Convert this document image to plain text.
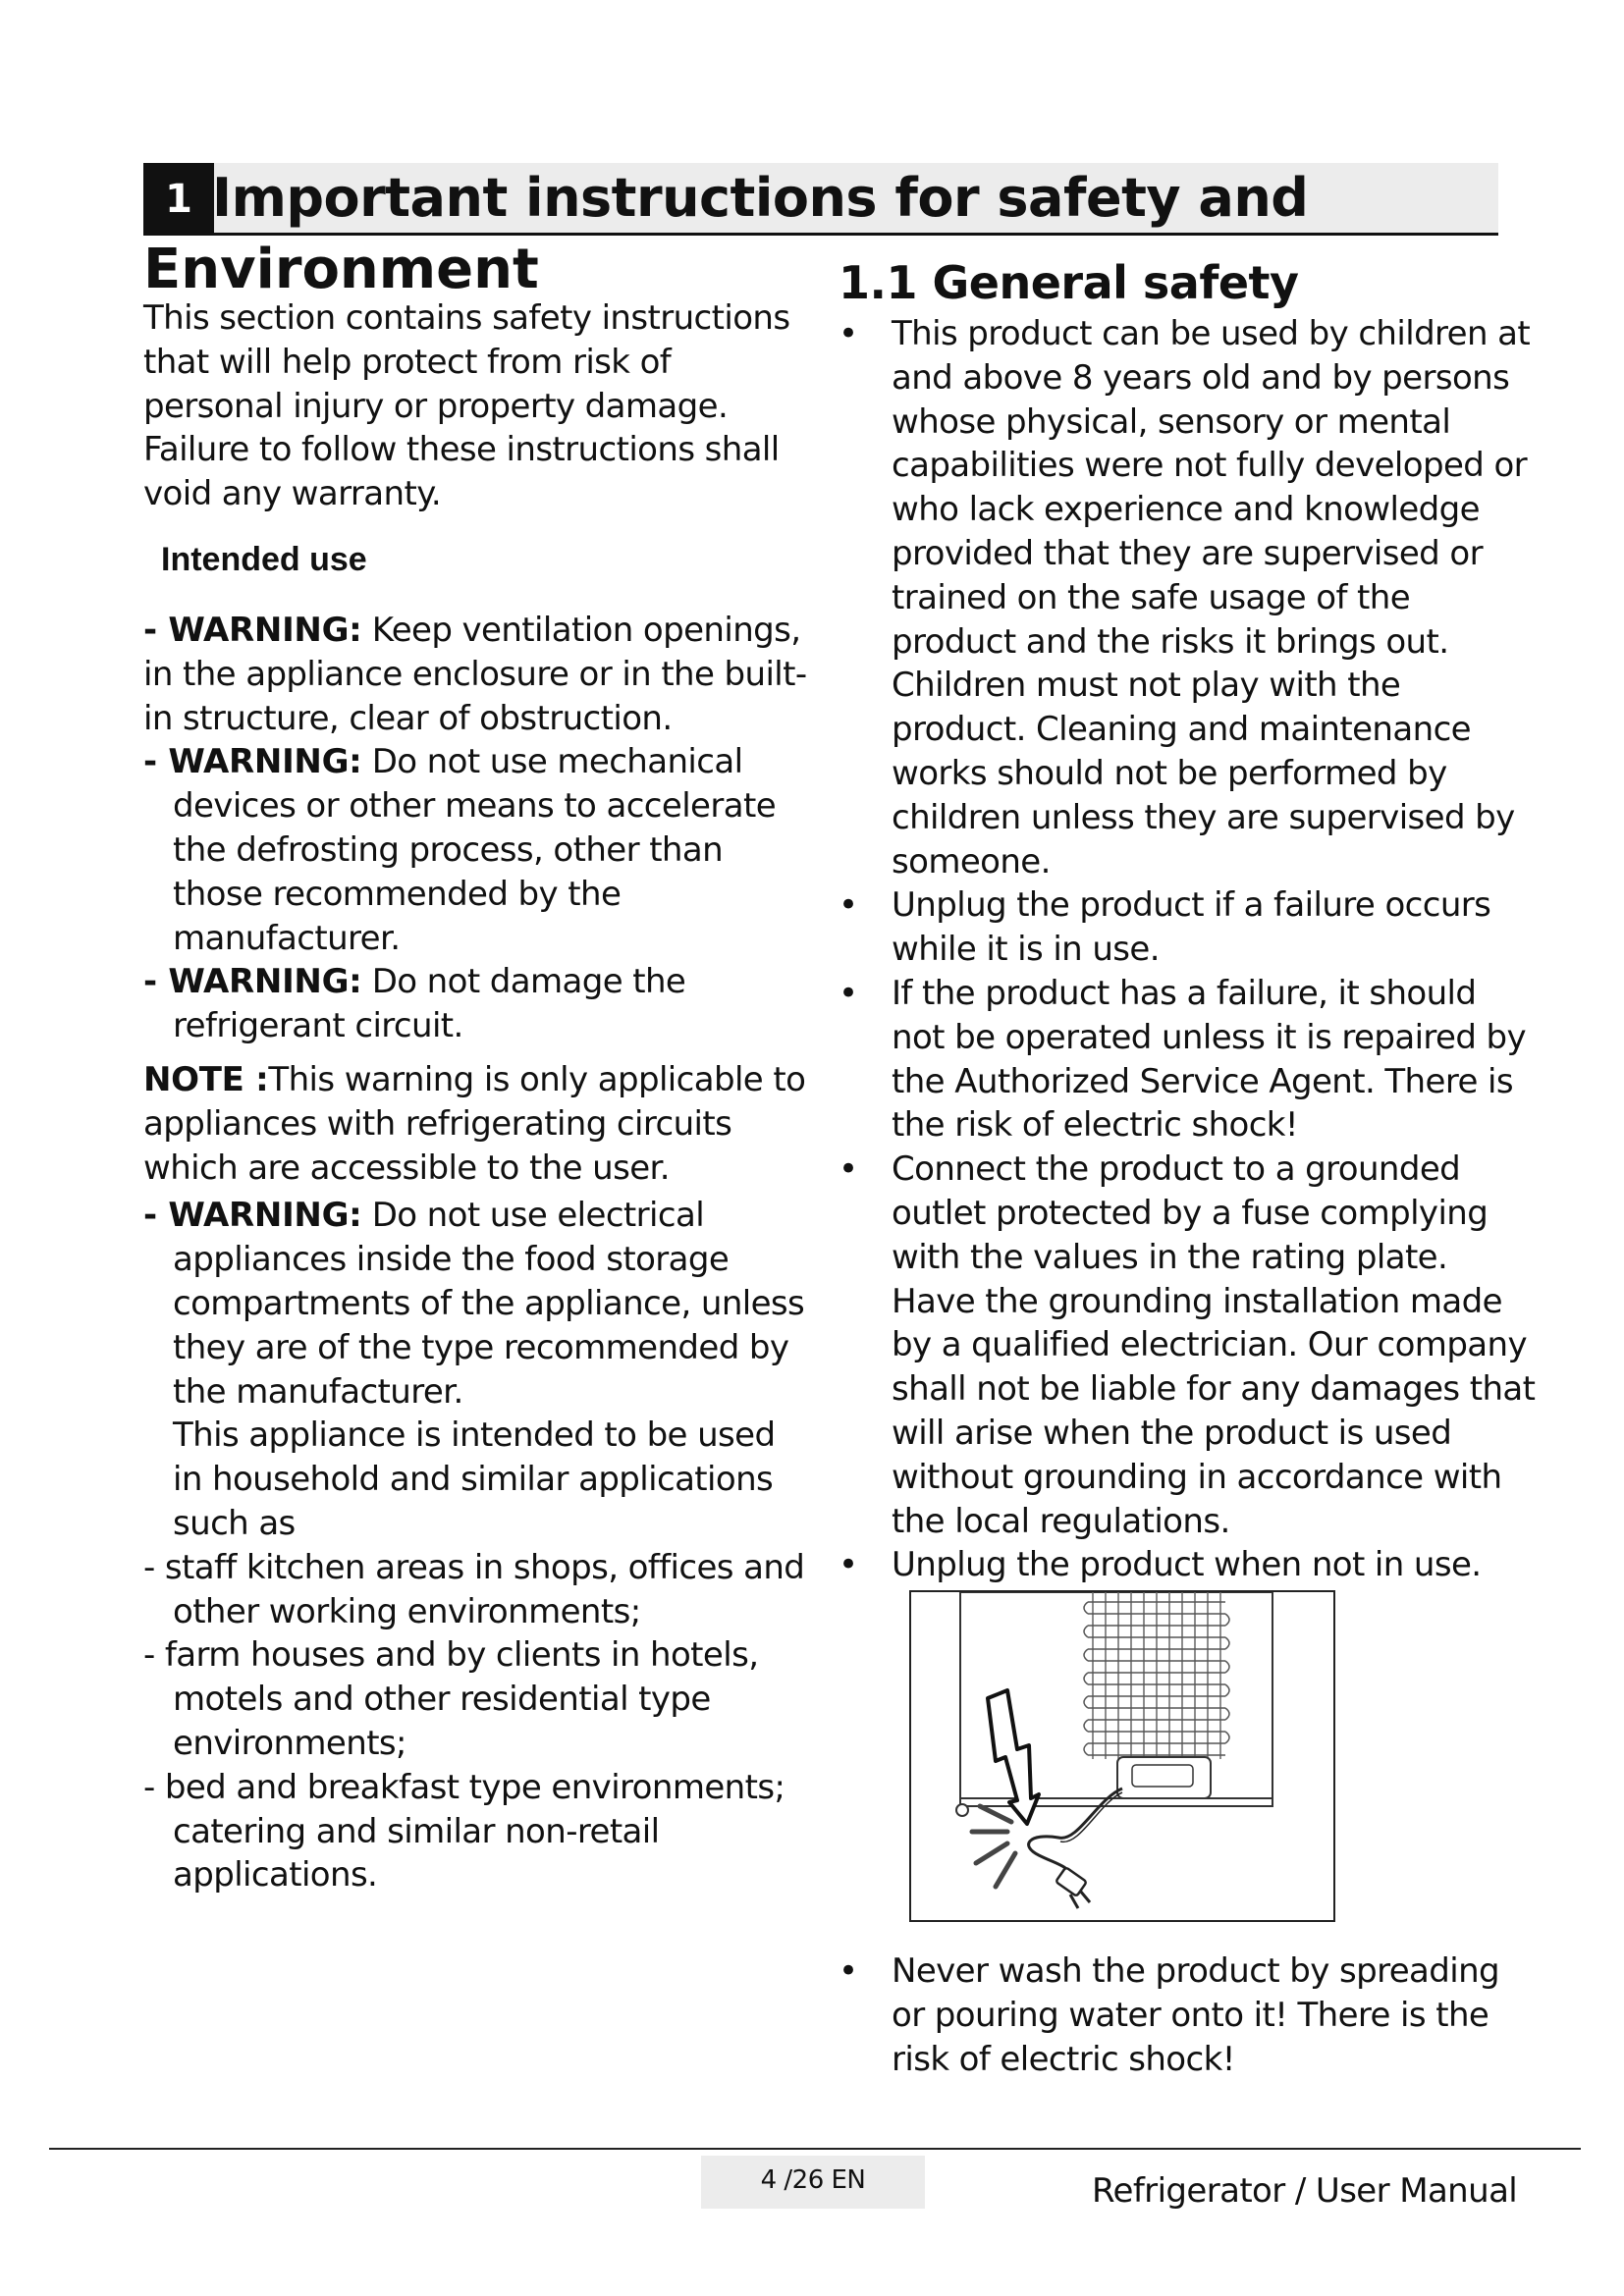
1 Important instructions for safety and
Environment

This section contains safety instructions that will help protect from risk of personal injury or property damage. Failure to follow these instructions shall void any warranty.

Intended use

- WARNING: Keep ventilation openings, in the appliance enclosure or in the built-in structure, clear of obstruction.

- WARNING: Do not use mechanical devices or other means to accelerate the defrosting process, other than those recommended by the manufacturer.

- WARNING: Do not damage the refrigerant circuit.

NOTE :This warning is only applicable to appliances with refrigerating circuits which are accessible to the user.

- WARNING: Do not use electrical appliances inside the food storage compartments of the appliance, unless they are of the type recommended by the manufacturer.

This appliance is intended to be used in household and similar applications such as

- staff kitchen areas in shops, offices and other working environments;

- farm houses and by clients in hotels, motels and other residential type environments;

- bed and breakfast type environments; catering and similar non-retail applications.

1.1 General safety
• This product can be used by children at and above 8 years old and by persons whose physical, sensory or mental capabilities were not fully developed or who lack experience and knowledge provided that they are supervised or trained on the safe usage of the product and the risks it brings out. Children must not play with the product. Cleaning and maintenance works should not be performed by children unless they are supervised by someone.
• Unplug the product if a failure occurs while it is in use.
• If the product has a failure, it should not be operated unless it is repaired by the Authorized Service Agent. There is the risk of electric shock!
• Connect the product to a grounded outlet protected by a fuse complying with the values in the rating plate. Have the grounding installation made by a qualified electrician. Our company shall not be liable for any damages that will arise when the product is used without grounding in accordance with the local regulations.
• Unplug the product when not in use.
• Never wash the product by spreading or pouring water onto it! There is the risk of electric shock!
4 /26 EN	Refrigerator / User Manual
